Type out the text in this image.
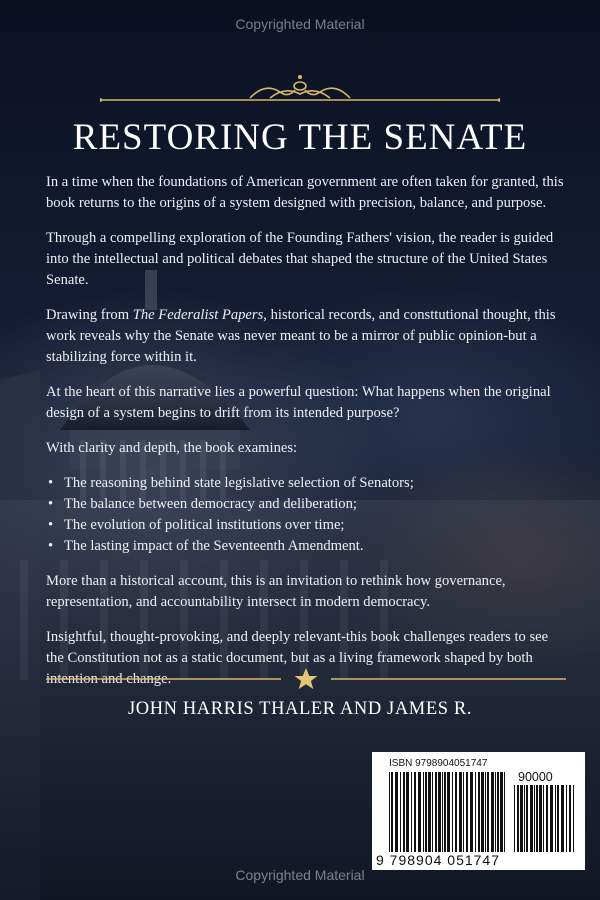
Copyrighted Material
RESTORING THE SENATE

In a time when the foundations of American government are often taken for granted, this book returns to the origins of a system designed with precision, balance, and purpose.

Through a compelling exploration of the Founding Fathers' vision, the reader is guided into the intellectual and political debates that shaped the structure of the United States Senate.

Drawing from The Federalist Papers, historical records, and consttutional thought, this work reveals why the Senate was never meant to be a mirror of public opinion-but a stabilizing force within it.

At the heart of this narrative lies a powerful question: What happens when the original design of a system begins to drift from its intended purpose?

With clarity and depth, the book examines:

• The reasoning behind state legislative selection of Senators;
• The balance between democracy and deliberation;
• The evolution of political institutions over time;
• The lasting impact of the Seventeenth Amendment.

More than a historical account, this is an invitation to rethink how governance, representation, and accountability intersect in modern democracy.

Insightful, thought-provoking, and deeply relevant-this book challenges readers to see the Constitution not as a static document, but as a living framework shaped by both intention and change.

JOHN HARRIS THALER AND JAMES R.
ISBN 9798904051747
90000
9 798904 051747
Copyrighted Material
